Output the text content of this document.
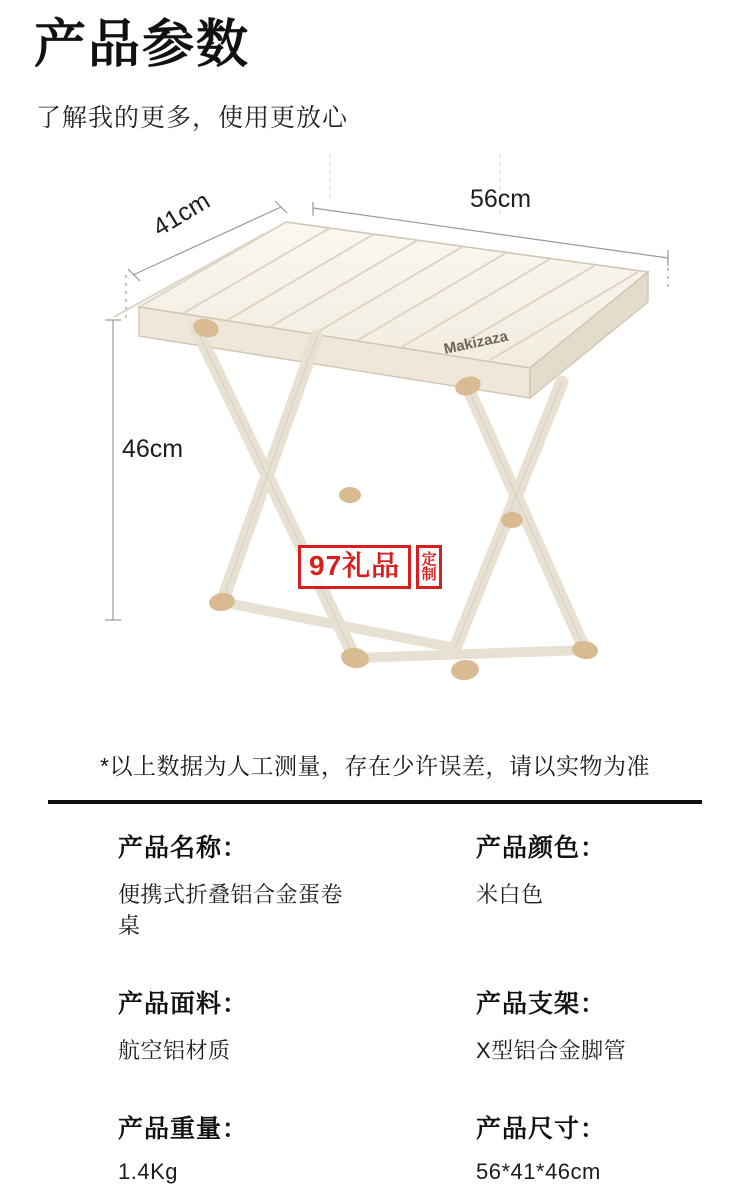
产品参数
了解我的更多，使用更放心
Makizaza
56cm
41cm
46cm
97礼品	定
制
*以上数据为人工测量，存在少许误差，请以实物为准
产品名称：
便携式折叠铝合金蛋卷桌
产品颜色：
米白色
产品面料：
航空铝材质
产品支架：
X型铝合金脚管
产品重量：
1.4Kg
产品尺寸：
56*41*46cm
